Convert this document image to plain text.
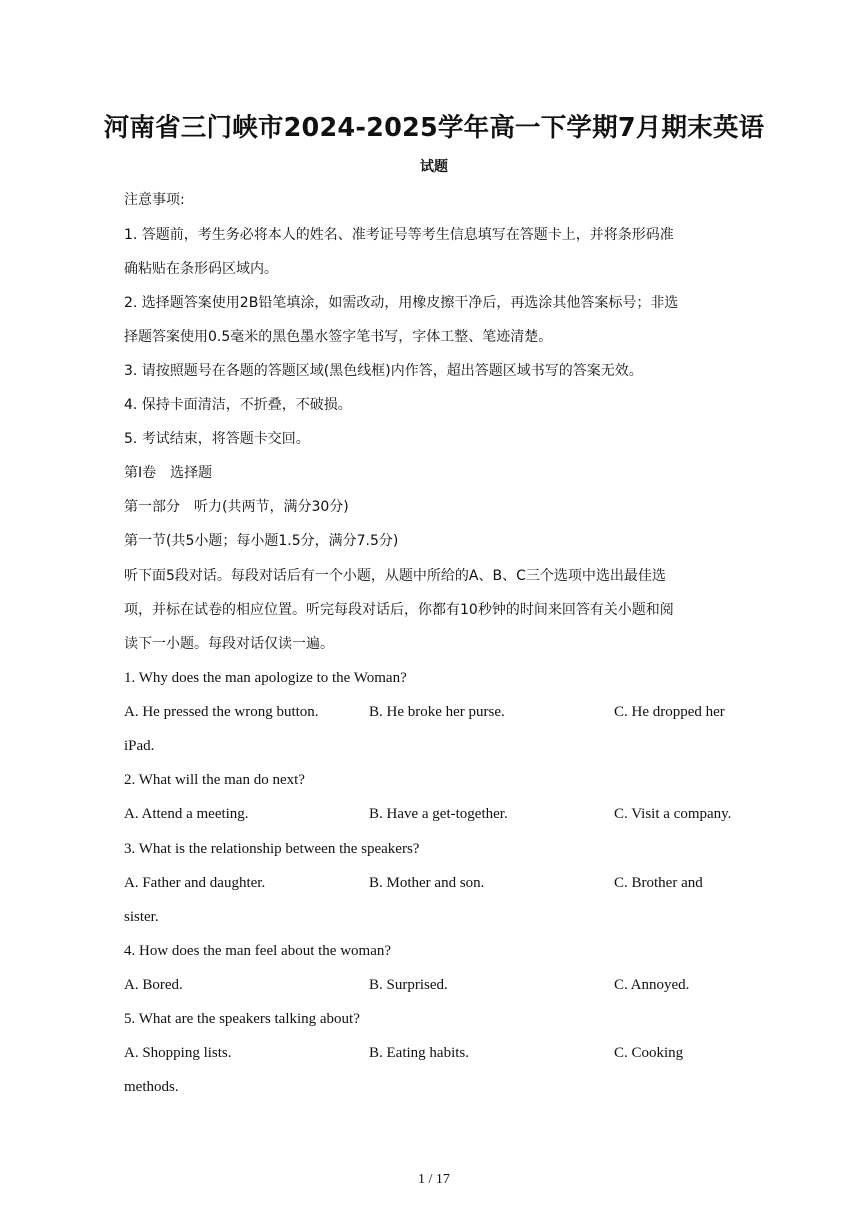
河南省三门峡市2024-2025学年高一下学期7月期末英语
试题
注意事项:
1. 答题前，考生务必将本人的姓名、准考证号等考生信息填写在答题卡上，并将条形码准
确粘贴在条形码区域内。
2. 选择题答案使用2B铅笔填涂，如需改动，用橡皮擦干净后，再选涂其他答案标号；非选
择题答案使用0.5毫米的黑色墨水签字笔书写，字体工整、笔迹清楚。
3. 请按照题号在各题的答题区域(黑色线框)内作答，超出答题区域书写的答案无效。
4. 保持卡面清洁，不折叠，不破损。
5. 考试结束，将答题卡交回。
第Ⅰ卷　选择题
第一部分　听力(共两节，满分30分)
第一节(共5小题；每小题1.5分，满分7.5分)
听下面5段对话。每段对话后有一个小题，从题中所给的A、B、C三个选项中选出最佳选
项，并标在试卷的相应位置。听完每段对话后，你都有10秒钟的时间来回答有关小题和阅
读下一小题。每段对话仅读一遍。
1. Why does the man apologize to the Woman?
A. He pressed the wrong button.	B. He broke her purse.	C. He dropped her
iPad.
2. What will the man do next?
A. Attend a meeting.	B. Have a get-together.	C. Visit a company.
3. What is the relationship between the speakers?
A. Father and daughter.	B. Mother and son.	C. Brother and
sister.
4. How does the man feel about the woman?
A. Bored.	B. Surprised.	C. Annoyed.
5. What are the speakers talking about?
A. Shopping lists.	B. Eating habits.	C. Cooking
methods.
1 / 17
